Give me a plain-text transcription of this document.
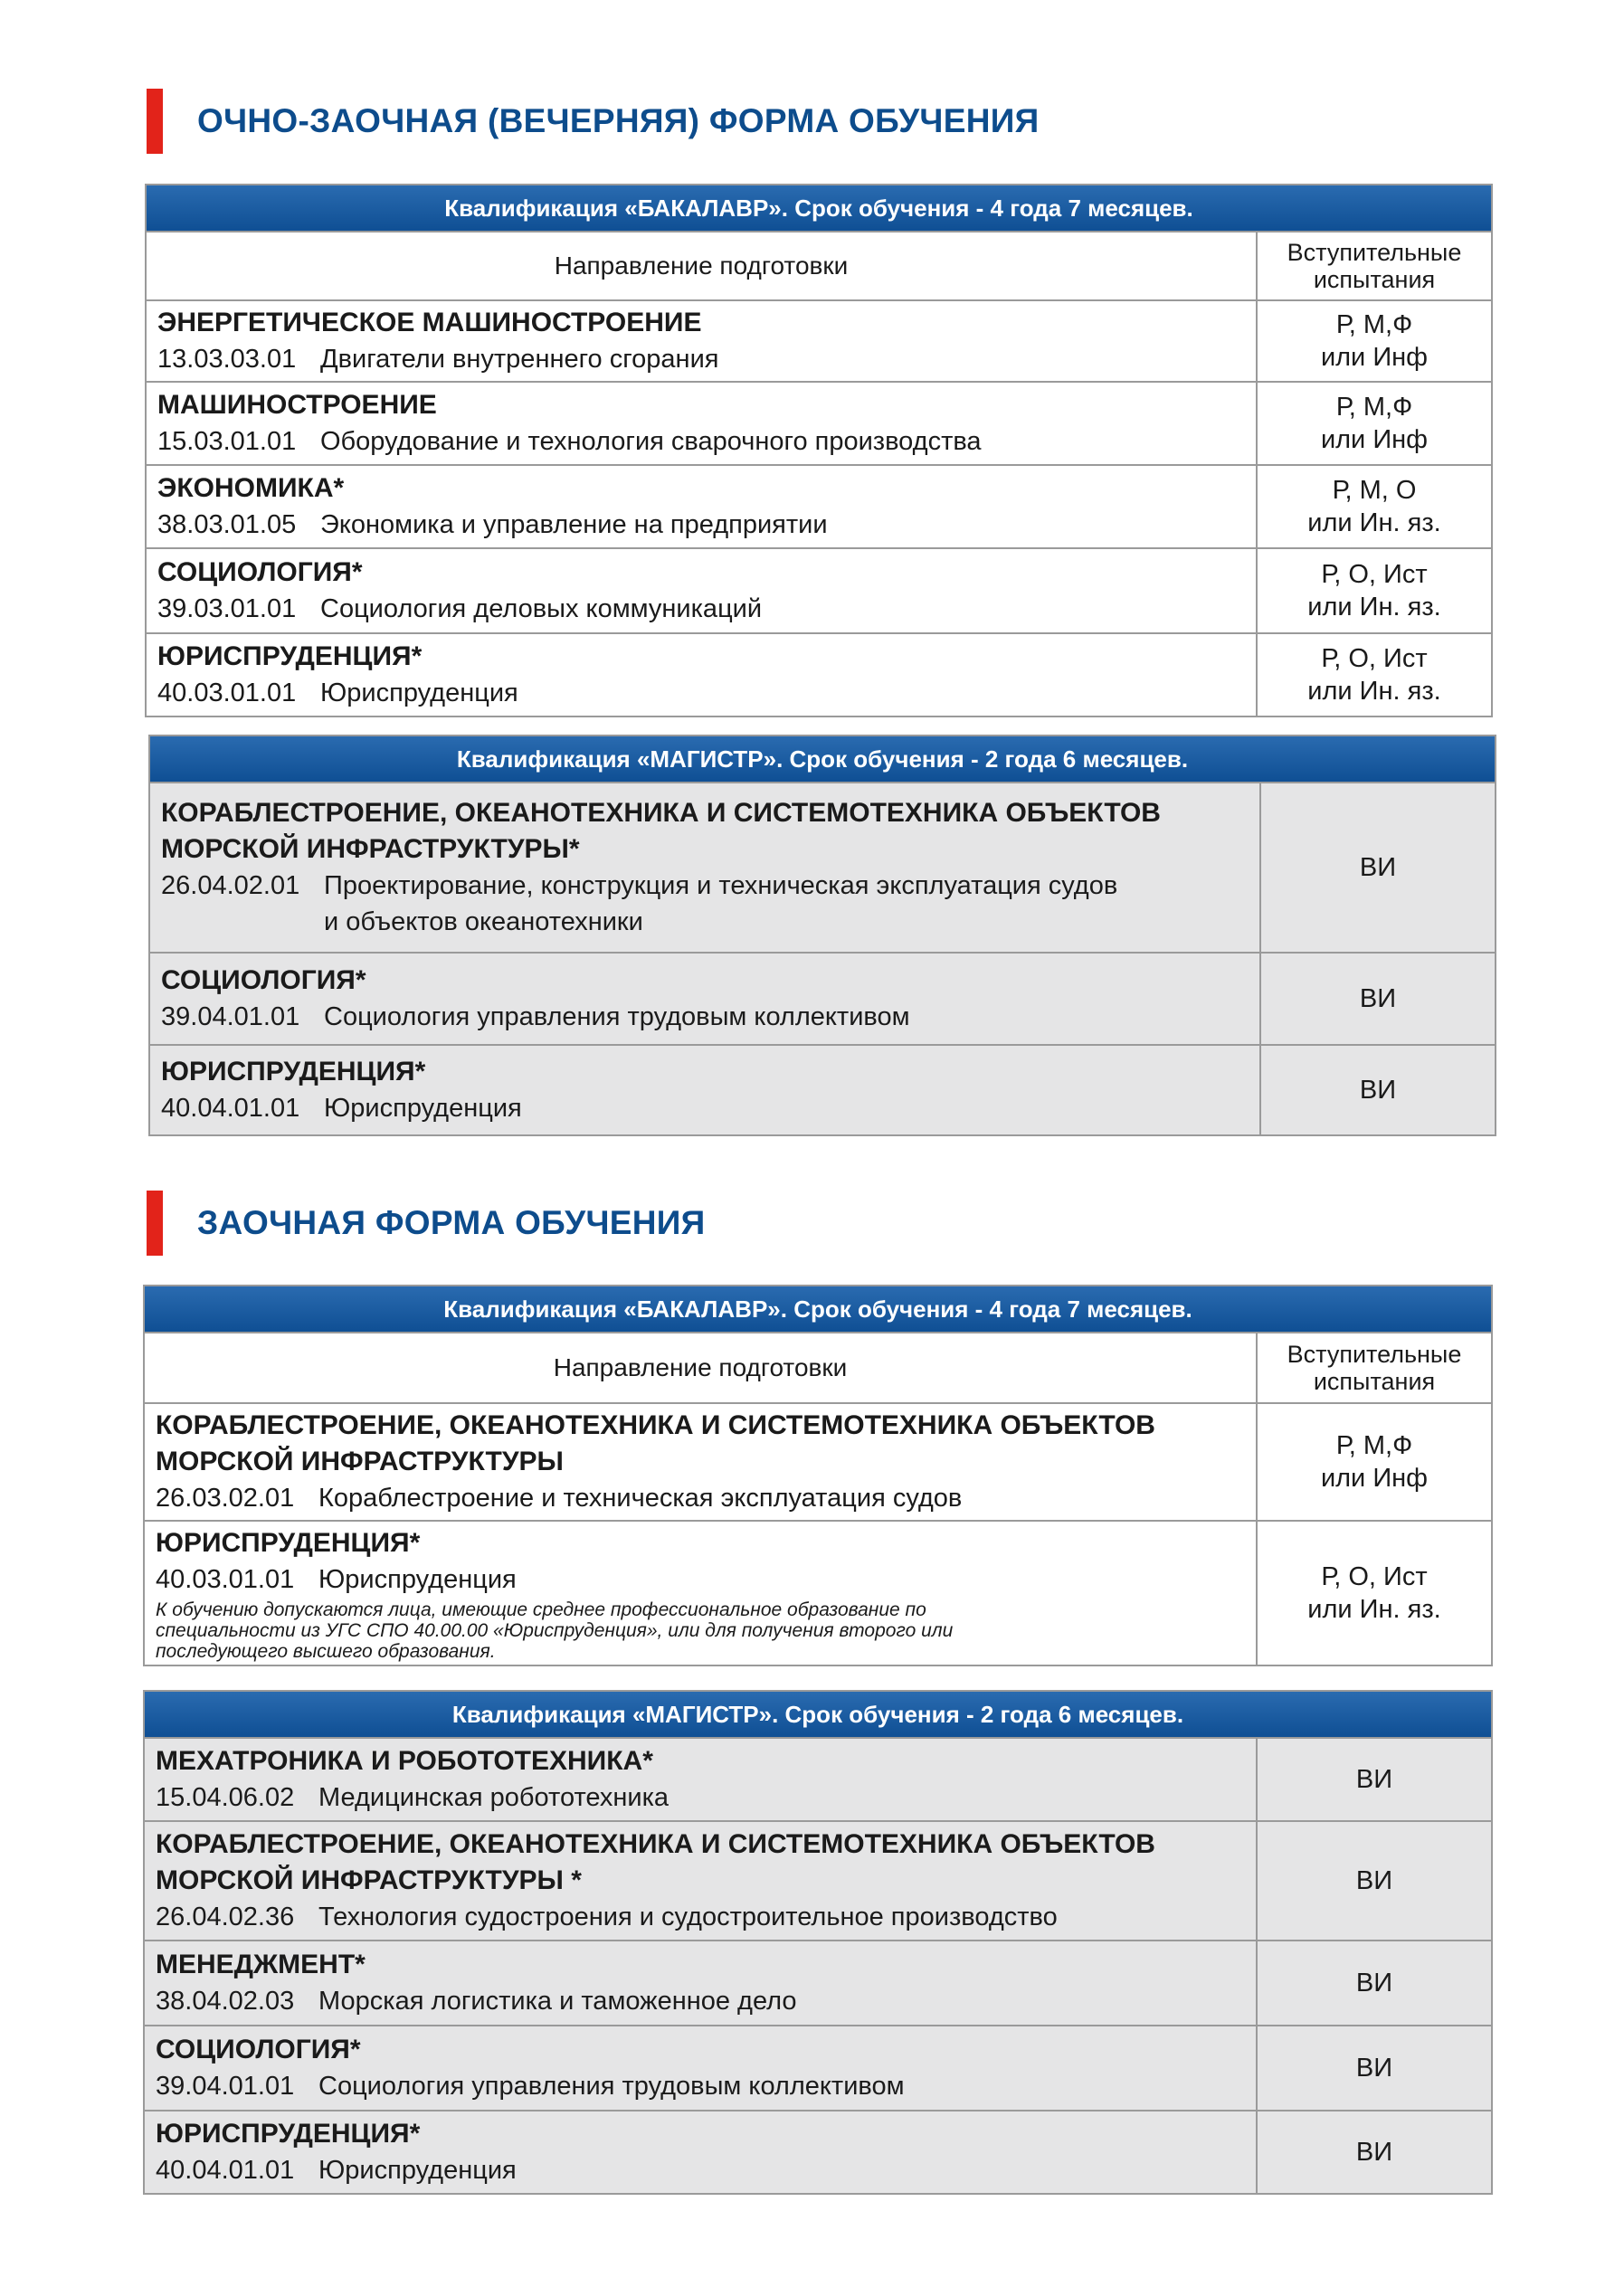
ОЧНО-ЗАОЧНАЯ (ВЕЧЕРНЯЯ) ФОРМА ОБУЧЕНИЯ
Квалификация «БАКАЛАВР». Срок обучения - 4 года 7 месяцев.
Направление подготовки	Вступительные
испытания
ЭНЕРГЕТИЧЕСКОЕ МАШИНОСТРОЕНИЕ
13.03.03.01 Двигатели внутреннего сгорания
Р, М,Ф
или Инф
МАШИНОСТРОЕНИЕ
15.03.01.01 Оборудование и технология сварочного производства
Р, М,Ф
или Инф
ЭКОНОМИКА*
38.03.01.05 Экономика и управление на предприятии
Р, М, О
или Ин. яз.
СОЦИОЛОГИЯ*
39.03.01.01 Социология деловых коммуникаций
Р, О, Ист
или Ин. яз.
ЮРИСПРУДЕНЦИЯ*
40.03.01.01 Юриспруденция
Р, О, Ист
или Ин. яз.
Квалификация «МАГИСТР». Срок обучения - 2 года 6 месяцев.
КОРАБЛЕСТРОЕНИЕ, ОКЕАНОТЕХНИКА И СИСТЕМОТЕХНИКА ОБЪЕКТОВ
МОРСКОЙ ИНФРАСТРУКТУРЫ*
26.04.02.01 Проектирование, конструкция и техническая эксплуатация судов
и объектов океанотехники
ВИ
СОЦИОЛОГИЯ*
39.04.01.01 Социология управления трудовым коллективом
ВИ
ЮРИСПРУДЕНЦИЯ*
40.04.01.01 Юриспруденция
ВИ
ЗАОЧНАЯ ФОРМА ОБУЧЕНИЯ
Квалификация «БАКАЛАВР». Срок обучения - 4 года 7 месяцев.
Направление подготовки	Вступительные
испытания
КОРАБЛЕСТРОЕНИЕ, ОКЕАНОТЕХНИКА И СИСТЕМОТЕХНИКА ОБЪЕКТОВ
МОРСКОЙ ИНФРАСТРУКТУРЫ
26.03.02.01 Кораблестроение и техническая эксплуатация судов
Р, М,Ф
или Инф
ЮРИСПРУДЕНЦИЯ*
40.03.01.01 Юриспруденция
К обучению допускаются лица, имеющие среднее профессиональное образование по
специальности из УГС СПО 40.00.00 «Юриспруденция», или для получения второго или
последующего высшего образования.
Р, О, Ист
или Ин. яз.
Квалификация «МАГИСТР». Срок обучения - 2 года 6 месяцев.
МЕХАТРОНИКА И РОБОТОТЕХНИКА*
15.04.06.02 Медицинская робототехника
ВИ
КОРАБЛЕСТРОЕНИЕ, ОКЕАНОТЕХНИКА И СИСТЕМОТЕХНИКА ОБЪЕКТОВ
МОРСКОЙ ИНФРАСТРУКТУРЫ *
26.04.02.36 Технология судостроения и судостроительное производство
ВИ
МЕНЕДЖМЕНТ*
38.04.02.03 Морская логистика и таможенное дело
ВИ
СОЦИОЛОГИЯ*
39.04.01.01 Социология управления трудовым коллективом
ВИ
ЮРИСПРУДЕНЦИЯ*
40.04.01.01 Юриспруденция
ВИ
